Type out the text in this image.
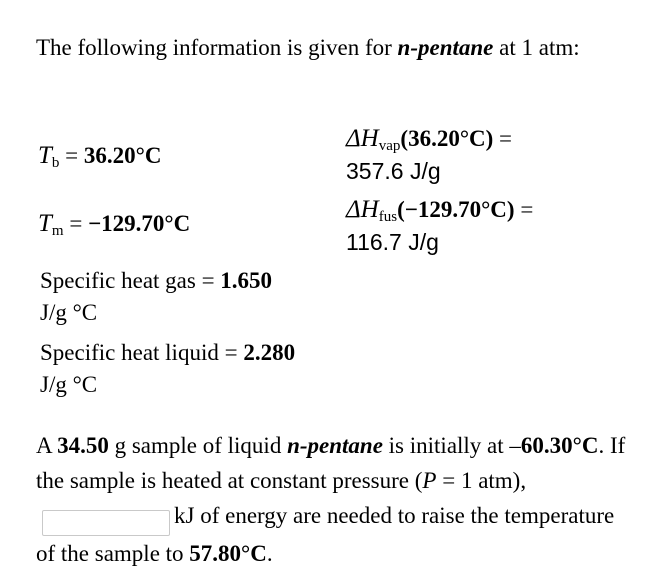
The following information is given for n-pentane at 1 atm:
$T_b = 36.20^\circ C$
$T_m = -129.70^\circ C$
$\Delta H_{vap}(36.20^\circ C)$ =
357.6 J/g
$\Delta H_{fus}(-129.70^\circ C)$ =
116.7 J/g
Specific heat gas = 1.650
J/g °C
Specific heat liquid = 2.280
J/g °C
A 34.50 g sample of liquid n-pentane is initially at –60.30°C. If the sample is heated at constant pressure (P = 1 atm),kJ of energy are needed to raise the temperature of the sample to 57.80°C.
